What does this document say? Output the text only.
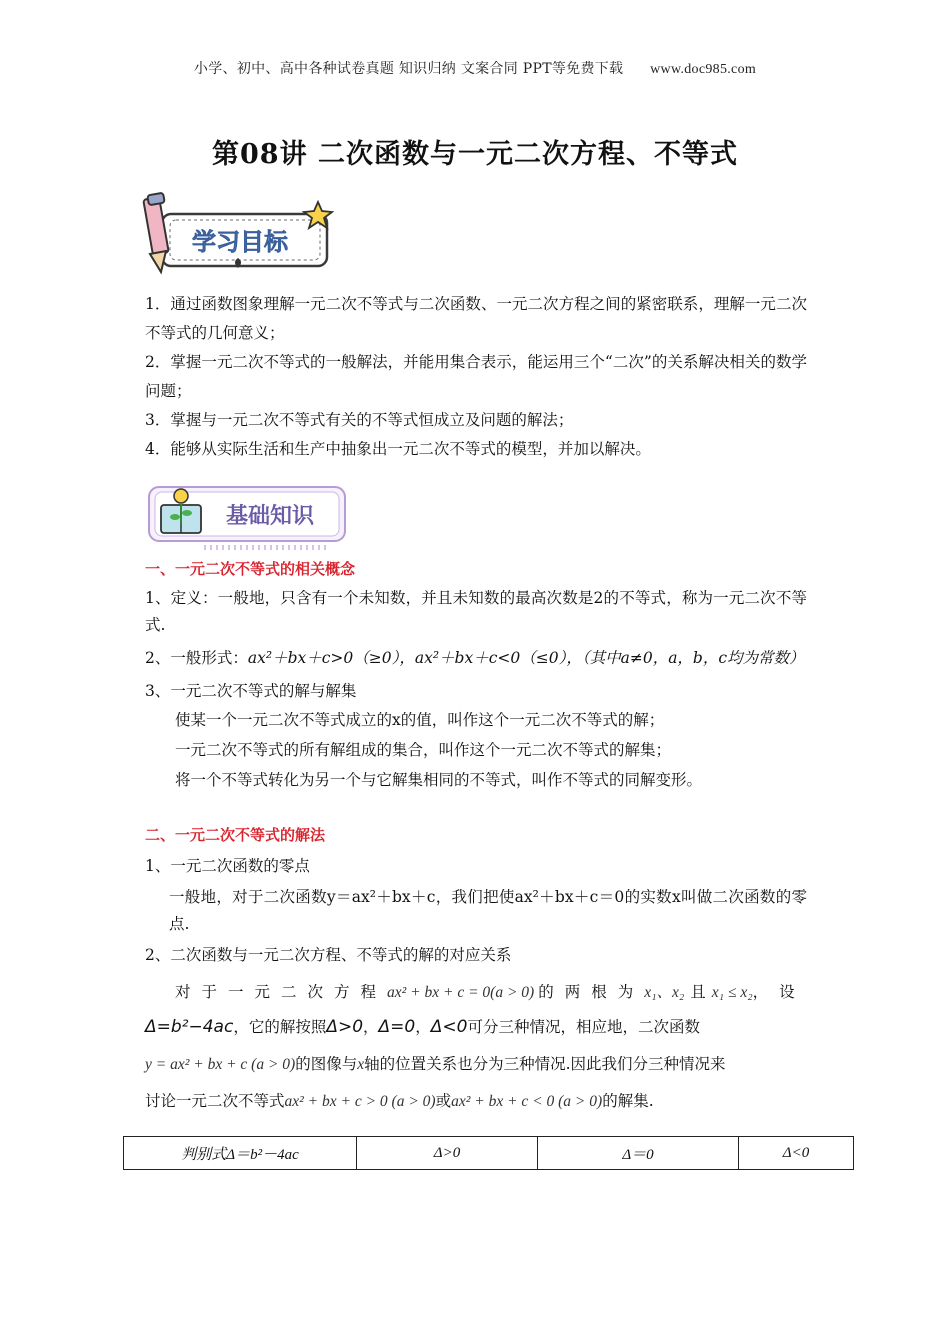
小学、初中、高中各种试卷真题 知识归纳 文案合同 PPT等免费下载 www.doc985.com
第08讲 二次函数与一元二次方程、不等式
学习目标

1．通过函数图象理解一元二次不等式与二次函数、一元二次方程之间的紧密联系，理解一元二次不等式的几何意义；

2．掌握一元二次不等式的一般解法，并能用集合表示，能运用三个“二次”的关系解决相关的数学问题；

3．掌握与一元二次不等式有关的不等式恒成立及问题的解法；

4．能够从实际生活和生产中抽象出一元二次不等式的模型，并加以解决。

基础知识

一、一元二次不等式的相关概念

1、定义：一般地，只含有一个未知数，并且未知数的最高次数是2的不等式，称为一元二次不等式.

2、一般形式：ax²＋bx＋c>0（≥0），ax²＋bx＋c<0（≤0），（其中a≠0，a，b，c均为常数）

3、一元二次不等式的解与解集

使某一个一元二次不等式成立的x的值，叫作这个一元二次不等式的解；

一元二次不等式的所有解组成的集合，叫作这个一元二次不等式的解集；

将一个不等式转化为另一个与它解集相同的不等式，叫作不等式的同解变形。

二、一元二次不等式的解法

1、一元二次函数的零点

一般地，对于二次函数y＝ax²＋bx＋c，我们把使ax²＋bx＋c＝0的实数x叫做二次函数的零点.

2、二次函数与一元二次方程、不等式的解的对应关系

对于一元二次方程ax² + bx + c = 0(a > 0) 的两根为x₁、x₂ 且 x₁ ≤ x₂，设

Δ=b²−4ac，它的解按照Δ>0，Δ=0，Δ<0可分三种情况，相应地，二次函数

y = ax² + bx + c (a > 0)的图像与x轴的位置关系也分为三种情况.因此我们分三种情况来

讨论一元二次不等式ax² + bx + c > 0 (a > 0)或ax² + bx + c < 0 (a > 0)的解集.

判别式Δ＝b²－4ac	Δ>0	Δ＝0	Δ<0
